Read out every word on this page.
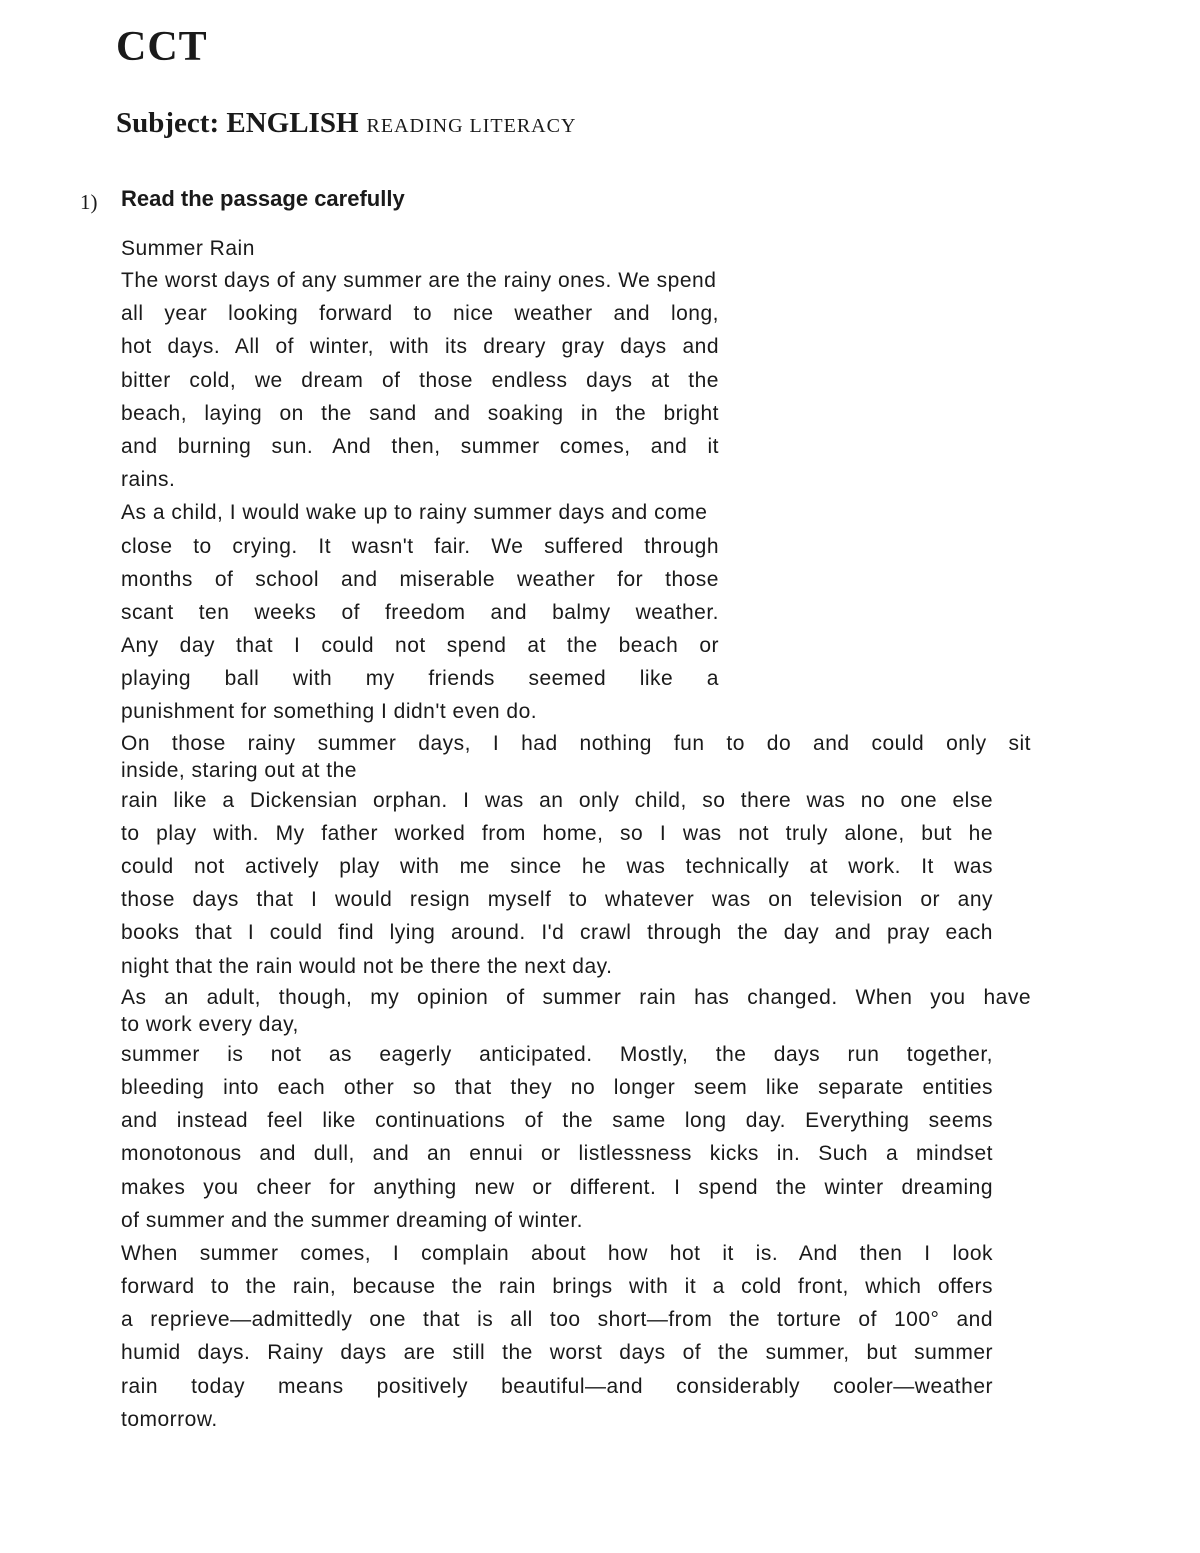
CCT
Subject: ENGLISH READING LITERACY
1) Read the passage carefully
Summer Rain
The worst days of any summer are the rainy ones. We spend
all year looking forward to nice weather and long,
hot days. All of winter, with its dreary gray days and
bitter cold, we dream of those endless days at the
beach, laying on the sand and soaking in the bright
and burning sun. And then, summer comes, and it
rains.
As a child, I would wake up to rainy summer days and come
close to crying. It wasn't fair. We suffered through
months of school and miserable weather for those
scant ten weeks of freedom and balmy weather.
Any day that I could not spend at the beach or
playing ball with my friends seemed like a
punishment for something I didn't even do.
On those rainy summer days, I had nothing fun to do and could only sit
inside, staring out at the
rain like a Dickensian orphan. I was an only child, so there was no one else
to play with. My father worked from home, so I was not truly alone, but he
could not actively play with me since he was technically at work. It was
those days that I would resign myself to whatever was on television or any
books that I could find lying around. I'd crawl through the day and pray each
night that the rain would not be there the next day.
As an adult, though, my opinion of summer rain has changed. When you have
to work every day,
summer is not as eagerly anticipated. Mostly, the days run together,
bleeding into each other so that they no longer seem like separate entities
and instead feel like continuations of the same long day. Everything seems
monotonous and dull, and an ennui or listlessness kicks in. Such a mindset
makes you cheer for anything new or different. I spend the winter dreaming
of summer and the summer dreaming of winter.
When summer comes, I complain about how hot it is. And then I look
forward to the rain, because the rain brings with it a cold front, which offers
a reprieve—admittedly one that is all too short—from the torture of 100° and
humid days. Rainy days are still the worst days of the summer, but summer
rain today means positively beautiful—and considerably cooler—weather
tomorrow.
